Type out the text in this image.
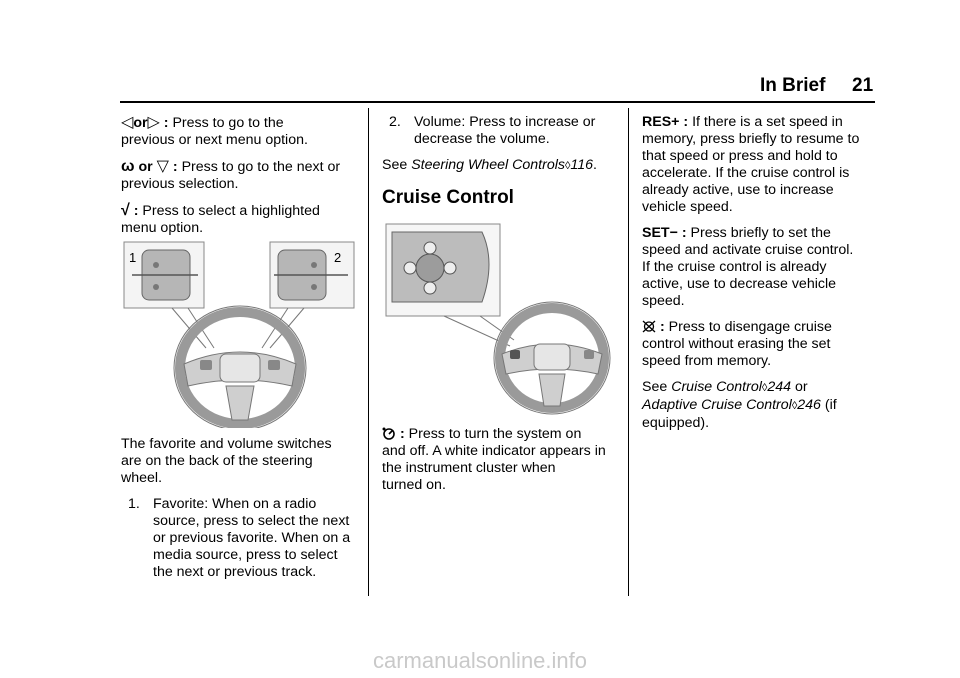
In Brief 21

◁or▷ : Press to go to the
previous or next menu option.

ω or ▽ : Press to go to the next or
previous selection.

√ : Press to select a highlighted
menu option.

1	2

The favorite and volume switches
are on the back of the steering
wheel.

1. Favorite: When on a radio
source, press to select the next
or previous favorite. When on a
media source, press to select
the next or previous track.
2. Volume: Press to increase or
decrease the volume.

See Steering Wheel Controls◊116.

Cruise Control

: Press to turn the system on
and off. A white indicator appears in
the instrument cluster when
turned on.

RES+ : If there is a set speed in
memory, press briefly to resume to
that speed or press and hold to
accelerate. If the cruise control is
already active, use to increase
vehicle speed.

SET− : Press briefly to set the
speed and activate cruise control.
If the cruise control is already
active, use to decrease vehicle
speed.

: Press to disengage cruise
control without erasing the set
speed from memory.

See Cruise Control◊244 or
Adaptive Cruise Control◊246 (if
equipped).

carmanualsonline.info
